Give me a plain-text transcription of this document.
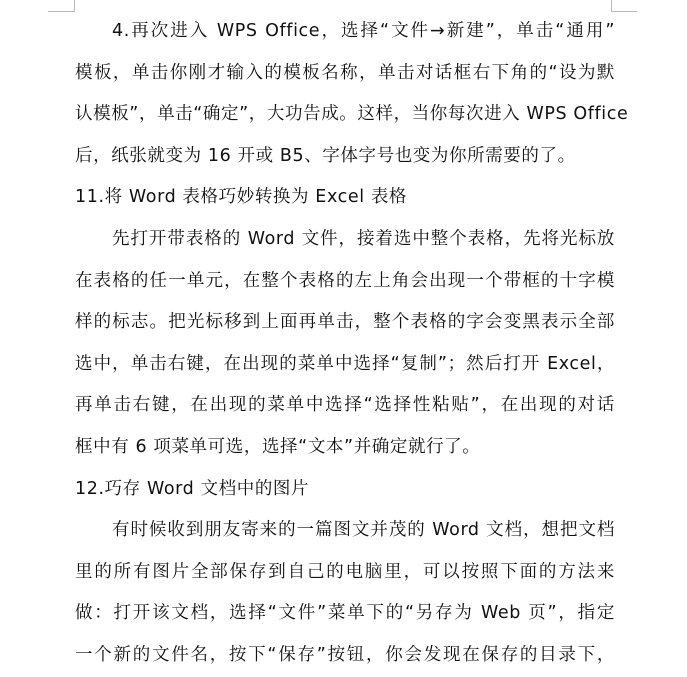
4.再次进入 WPS Office，选择“文件→新建”，单击“通用”
模板，单击你刚才输入的模板名称，单击对话框右下角的“设为默
认模板”，单击“确定”，大功告成。这样，当你每次进入 WPS Office
后，纸张就变为 16 开或 B5、字体字号也变为你所需要的了。
11.将 Word 表格巧妙转换为 Excel 表格
先打开带表格的 Word 文件，接着选中整个表格，先将光标放
在表格的任一单元，在整个表格的左上角会出现一个带框的十字模
样的标志。把光标移到上面再单击，整个表格的字会变黑表示全部
选中，单击右键，在出现的菜单中选择“复制”；然后打开 Excel，
再单击右键，在出现的菜单中选择“选择性粘贴”，在出现的对话
框中有 6 项菜单可选，选择“文本”并确定就行了。
12.巧存 Word 文档中的图片
有时候收到朋友寄来的一篇图文并茂的 Word 文档，想把文档
里的所有图片全部保存到自己的电脑里，可以按照下面的方法来
做：打开该文档，选择“文件”菜单下的“另存为 Web 页”，指定
一个新的文件名，按下“保存”按钮，你会发现在保存的目录下，
